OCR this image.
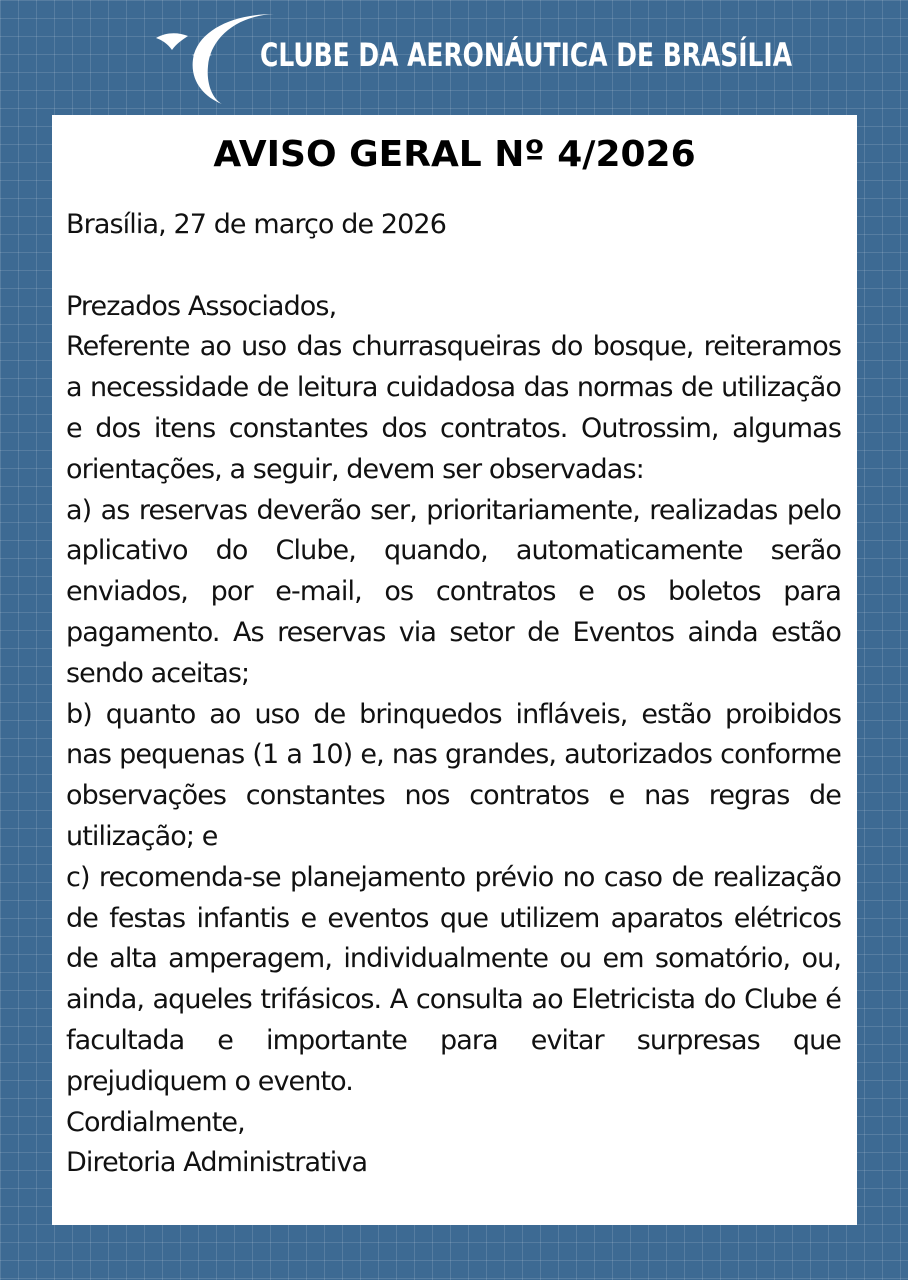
CLUBE DA AERONÁUTICA DE BRASÍLIA
AVISO GERAL Nº 4/2026

Brasília, 27 de março de 2026

Prezados Associados,

Referente ao uso das churrasqueiras do bosque, reiteramos a necessidade de leitura cuidadosa das normas de utilização e dos itens constantes dos contratos. Outrossim, algumas orientações, a seguir, devem ser observadas:

a) as reservas deverão ser, prioritariamente, realizadas pelo aplicativo do Clube, quando, automaticamente serão enviados, por e-mail, os contratos e os boletos para pagamento. As reservas via setor de Eventos ainda estão sendo aceitas;

b) quanto ao uso de brinquedos infláveis, estão proibidos nas pequenas (1 a 10) e, nas grandes, autorizados conforme observações constantes nos contratos e nas regras de utilização; e

c) recomenda-se planejamento prévio no caso de realização de festas infantis e eventos que utilizem aparatos elétricos de alta amperagem, individualmente ou em somatório, ou, ainda, aqueles trifásicos. A consulta ao Eletricista do Clube é facultada e importante para evitar surpresas que prejudiquem o evento.

Cordialmente,

Diretoria Administrativa
